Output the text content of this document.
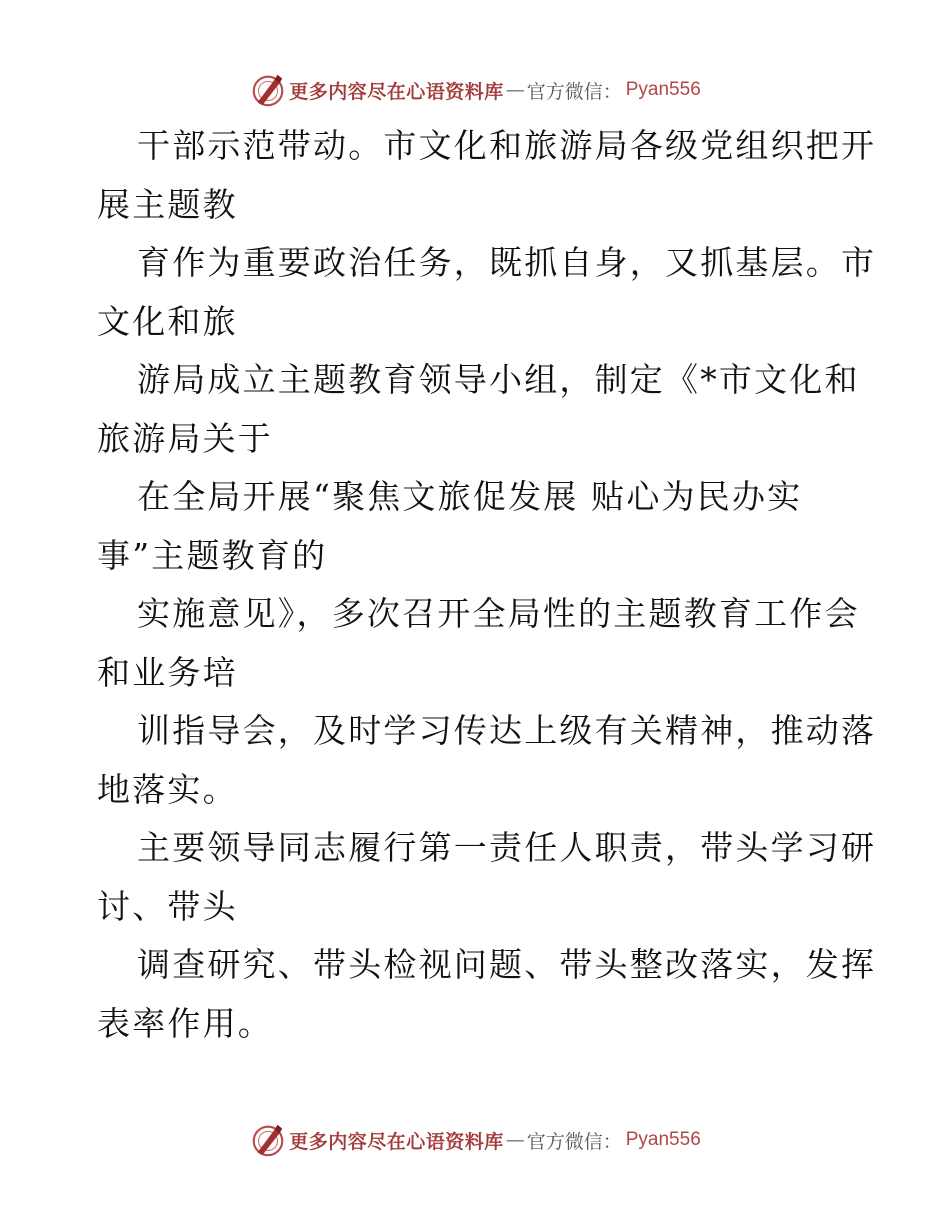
更多内容尽在心语资料库 — 官方微信： Pyan556
干部示范带动。市文化和旅游局各级党组织把开
展主题教
育作为重要政治任务，既抓自身，又抓基层。市
文化和旅
游局成立主题教育领导小组，制定《*市文化和
旅游局关于
在全局开展“聚焦文旅促发展 贴心为民办实
事”主题教育的
实施意见》，多次召开全局性的主题教育工作会
和业务培
训指导会，及时学习传达上级有关精神，推动落
地落实。
主要领导同志履行第一责任人职责，带头学习研
讨、带头
调查研究、带头检视问题、带头整改落实，发挥
表率作用。
更多内容尽在心语资料库 — 官方微信： Pyan556
